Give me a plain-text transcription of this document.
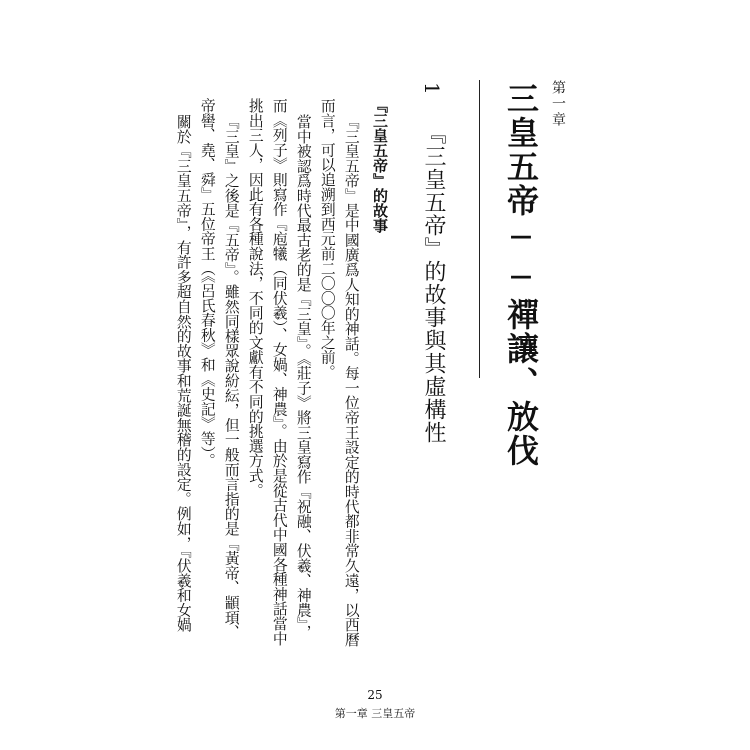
第一章
三皇五帝──禪讓、放伐
1
『三皇五帝』的故事與其虛構性
『三皇五帝』的故事
『三皇五帝』是中國廣爲人知的神話。每一位帝王設定的時代都非常久遠，以西曆
而言，可以追溯到西元前二〇〇〇年之前。
當中被認爲時代最古老的是『三皇』。《莊子》將三皇寫作『祝融、伏羲、神農』，
而《列子》則寫作『庖犧（同伏羲）、女媧、神農』。由於是從古代中國各種神話當中
挑出三人，因此有各種說法，不同的文獻有不同的挑選方式。
『三皇』之後是『五帝』。雖然同樣眾說紛紜，但一般而言指的是『黃帝、顓頊、
帝嚳、堯、舜』五位帝王（《呂氏春秋》和《史記》等）。
關於『三皇五帝』，有許多超自然的故事和荒誕無稽的設定。例如，『伏羲和女媧
25
第一章 三皇五帝
